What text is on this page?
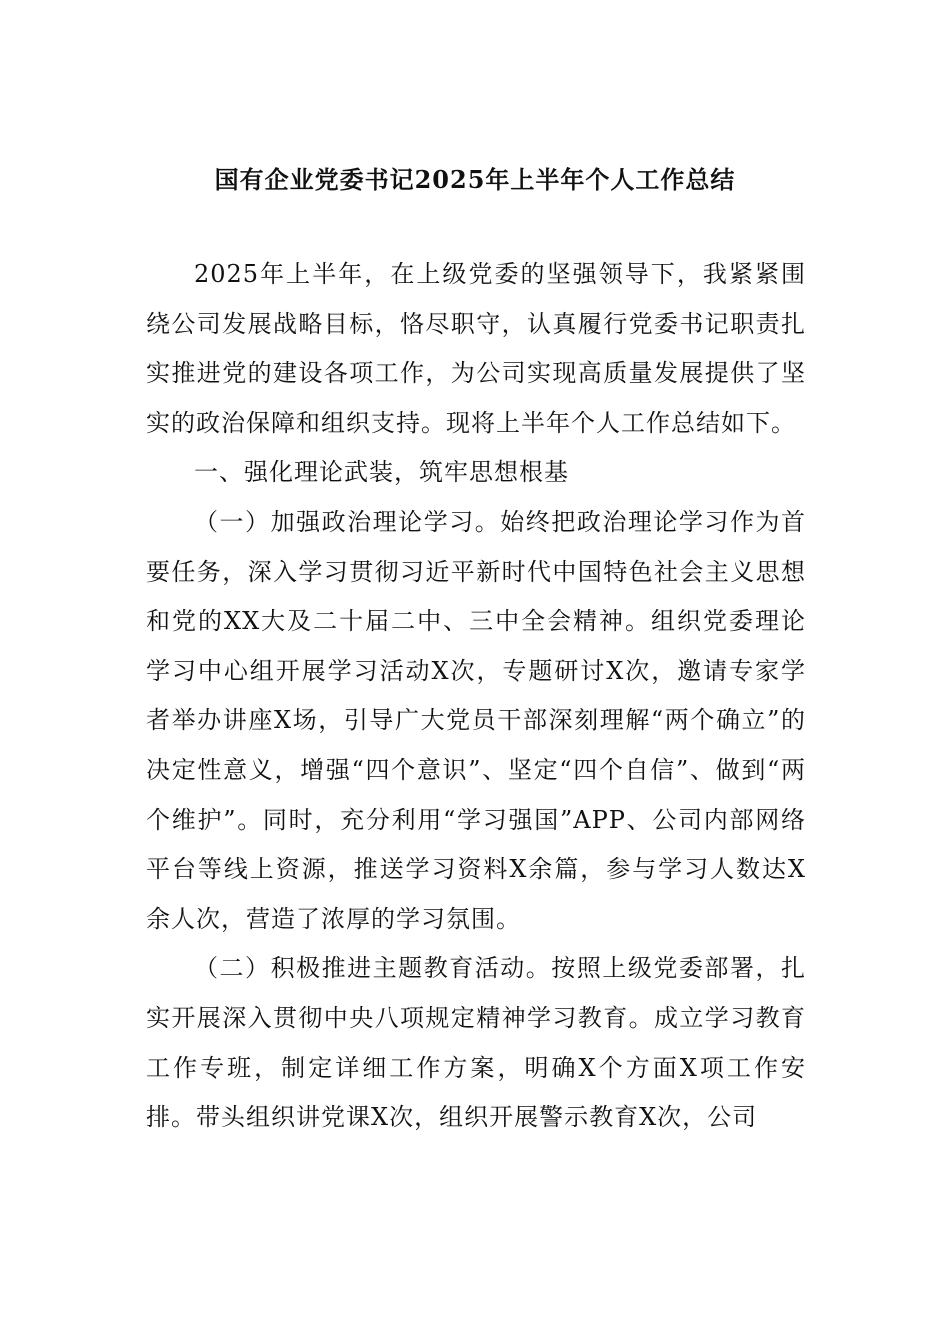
国有企业党委书记2025年上半年个人工作总结

2025年上半年，在上级党委的坚强领导下，我紧紧围绕公司发展战略目标，恪尽职守，认真履行党委书记职责扎实推进党的建设各项工作，为公司实现高质量发展提供了坚实的政治保障和组织支持。现将上半年个人工作总结如下。

一、强化理论武装，筑牢思想根基

（一）加强政治理论学习。始终把政治理论学习作为首要任务，深入学习贯彻习近平新时代中国特色社会主义思想和党的XX大及二十届二中、三中全会精神。组织党委理论学习中心组开展学习活动X次，专题研讨X次，邀请专家学者举办讲座X场，引导广大党员干部深刻理解“两个确立”的决定性意义，增强“四个意识”、坚定“四个自信”、做到“两个维护”。同时，充分利用“学习强国”APP、公司内部网络平台等线上资源，推送学习资料X余篇，参与学习人数达X余人次，营造了浓厚的学习氛围。

（二）积极推进主题教育活动。按照上级党委部署，扎实开展深入贯彻中央八项规定精神学习教育。成立学习教育工作专班，制定详细工作方案，明确X个方面X项工作安排。带头组织讲党课X次，组织开展警示教育X次，公司
